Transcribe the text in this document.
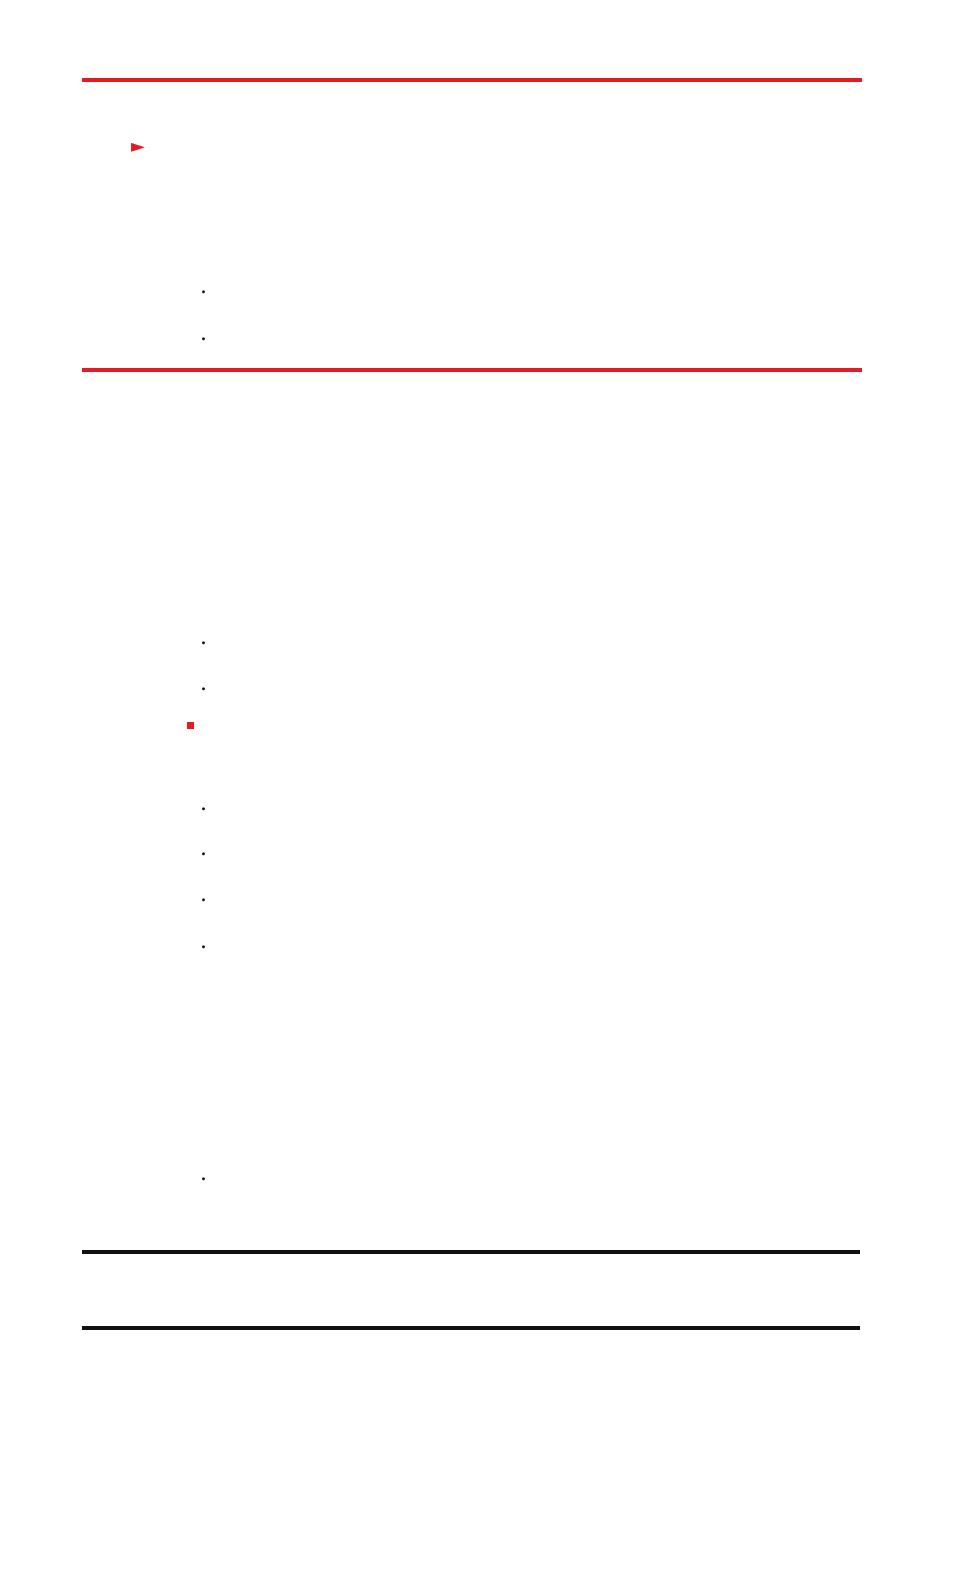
►
.
.
.
.
.
.
.
.
.
